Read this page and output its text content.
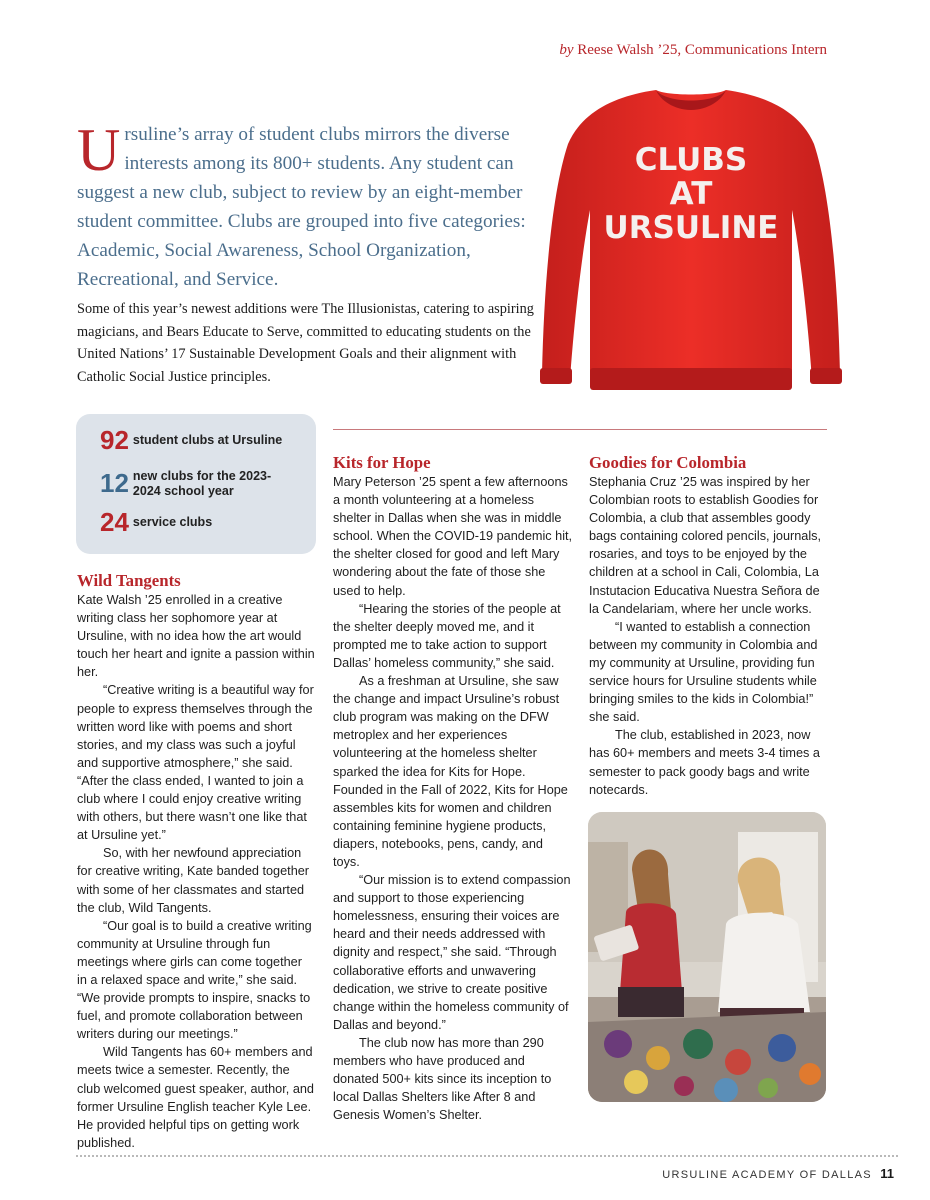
by Reese Walsh ’25, Communications Intern

Ursuline’s array of student clubs mirrors the diverse interests among its 800+ students. Any student can suggest a new club, subject to review by an eight-member student committee. Clubs are grouped into five categories: Academic, Social Awareness, School Organization, Recreational, and Service.

Some of this year’s newest additions were The Illusionistas, catering to aspiring magicians, and Bears Educate to Serve, committed to educating students on the United Nations’ 17 Sustainable Development Goals and their alignment with Catholic Social Justice principles.

CLUBS
AT
URSULINE
92 student clubs at Ursuline
12 new clubs for the 2023-
2024 school year
24 service clubs
Wild Tangents

Kate Walsh ’25 enrolled in a creative writing class her sophomore year at Ursuline, with no idea how the art would touch her heart and ignite a passion within her.

“Creative writing is a beautiful way for people to express themselves through the written word like with poems and short stories, and my class was such a joyful and supportive atmosphere,” she said. “After the class ended, I wanted to join a club where I could enjoy creative writing with others, but there wasn’t one like that at Ursuline yet.”

So, with her newfound appreciation for creative writing, Kate banded together with some of her classmates and started the club, Wild Tangents.

“Our goal is to build a creative writing community at Ursuline through fun meetings where girls can come together in a relaxed space and write,” she said. “We provide prompts to inspire, snacks to fuel, and promote collaboration between writers during our meetings.”

Wild Tangents has 60+ members and meets twice a semester. Recently, the club welcomed guest speaker, author, and former Ursuline English teacher Kyle Lee. He provided helpful tips on getting work published.

Kits for Hope

Mary Peterson ’25 spent a few afternoons a month volunteering at a homeless shelter in Dallas when she was in middle school. When the COVID-19 pandemic hit, the shelter closed for good and left Mary wondering about the fate of those she used to help.

“Hearing the stories of the people at the shelter deeply moved me, and it prompted me to take action to support Dallas’ homeless community,” she said.

As a freshman at Ursuline, she saw the change and impact Ursuline’s robust club program was making on the DFW metroplex and her experiences volunteering at the homeless shelter sparked the idea for Kits for Hope. Founded in the Fall of 2022, Kits for Hope assembles kits for women and children containing feminine hygiene products, diapers, notebooks, pens, candy, and toys.

“Our mission is to extend compassion and support to those experiencing homelessness, ensuring their voices are heard and their needs addressed with dignity and respect,” she said. “Through collaborative efforts and unwavering dedication, we strive to create positive change within the homeless community of Dallas and beyond.”

The club now has more than 290 members who have produced and donated 500+ kits since its inception to local Dallas Shelters like After 8 and Genesis Women’s Shelter.

Goodies for Colombia

Stephania Cruz ’25 was inspired by her Colombian roots to establish Goodies for Colombia, a club that assembles goody bags containing colored pencils, journals, rosaries, and toys to be enjoyed by the children at a school in Cali, Colombia, La Instutacion Educativa Nuestra Señora de la Candelariam, where her uncle works.

“I wanted to establish a connection between my community in Colombia and my community at Ursuline, providing fun service hours for Ursuline students while bringing smiles to the kids in Colombia!” she said.

The club, established in 2023, now has 60+ members and meets 3-4 times a semester to pack goody bags and write notecards.

URSULINE ACADEMY OF DALLAS 11
